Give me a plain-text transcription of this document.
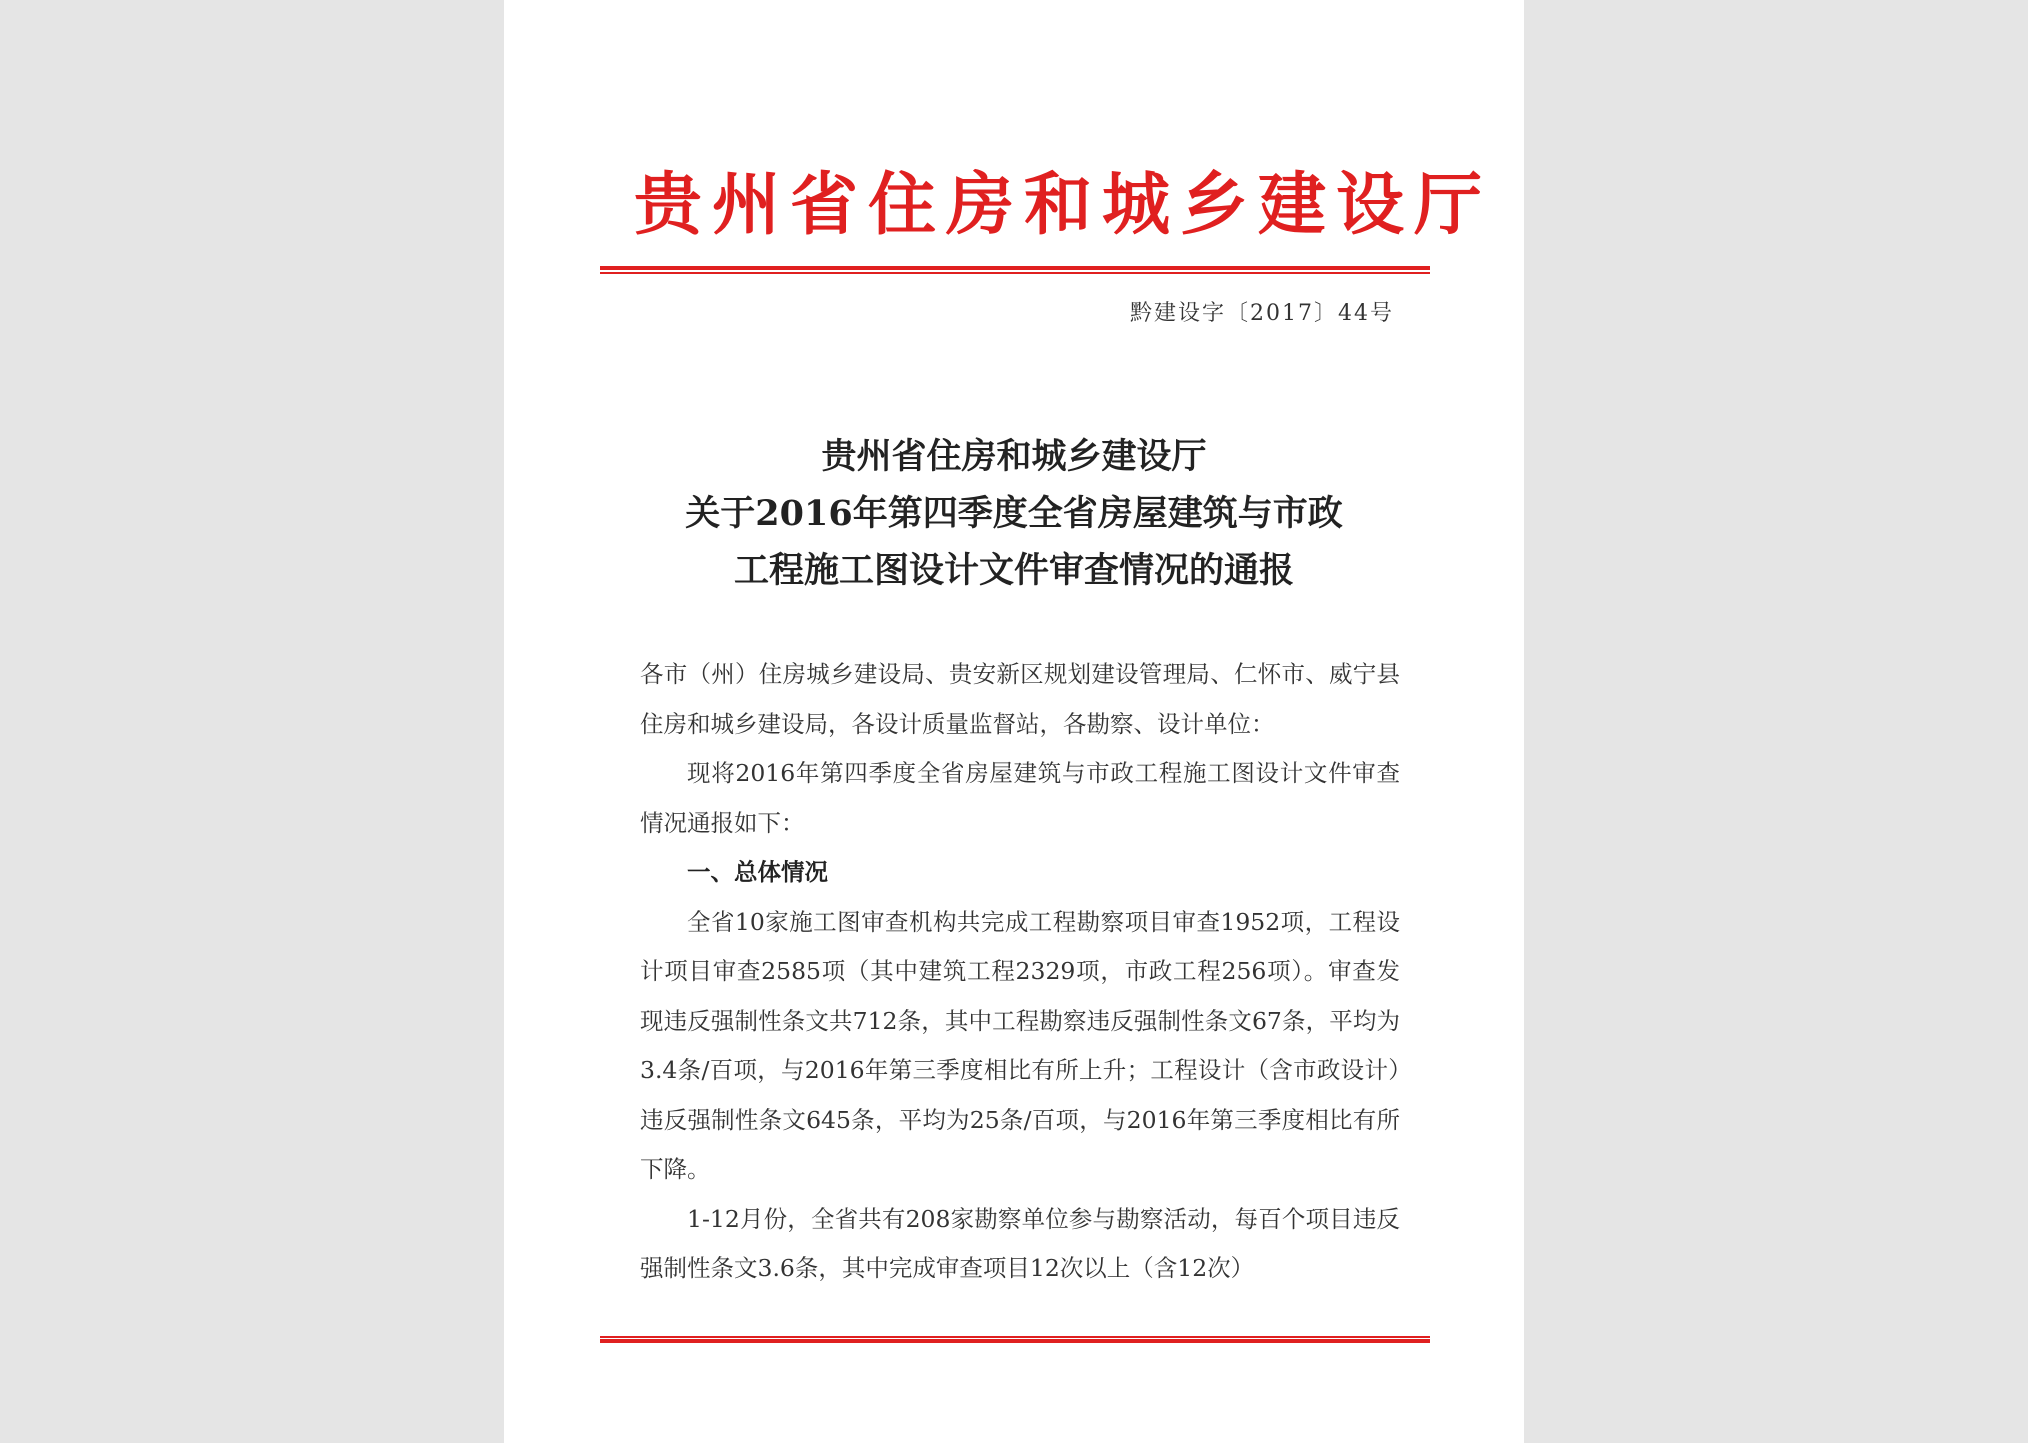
贵州省住房和城乡建设厅
黔建设字〔2017〕44号
贵州省住房和城乡建设厅
关于2016年第四季度全省房屋建筑与市政
工程施工图设计文件审查情况的通报

各市（州）住房城乡建设局、贵安新区规划建设管理局、仁怀市、威宁县住房和城乡建设局，各设计质量监督站，各勘察、设计单位：

现将2016年第四季度全省房屋建筑与市政工程施工图设计文件审查情况通报如下：

一、总体情况

全省10家施工图审查机构共完成工程勘察项目审查1952项，工程设计项目审查2585项（其中建筑工程2329项，市政工程256项）。审查发现违反强制性条文共712条，其中工程勘察违反强制性条文67条，平均为3.4条/百项，与2016年第三季度相比有所上升；工程设计（含市政设计）违反强制性条文645条，平均为25条/百项，与2016年第三季度相比有所下降。

1-12月份，全省共有208家勘察单位参与勘察活动，每百个项目违反强制性条文3.6条，其中完成审查项目12次以上（含12次）
